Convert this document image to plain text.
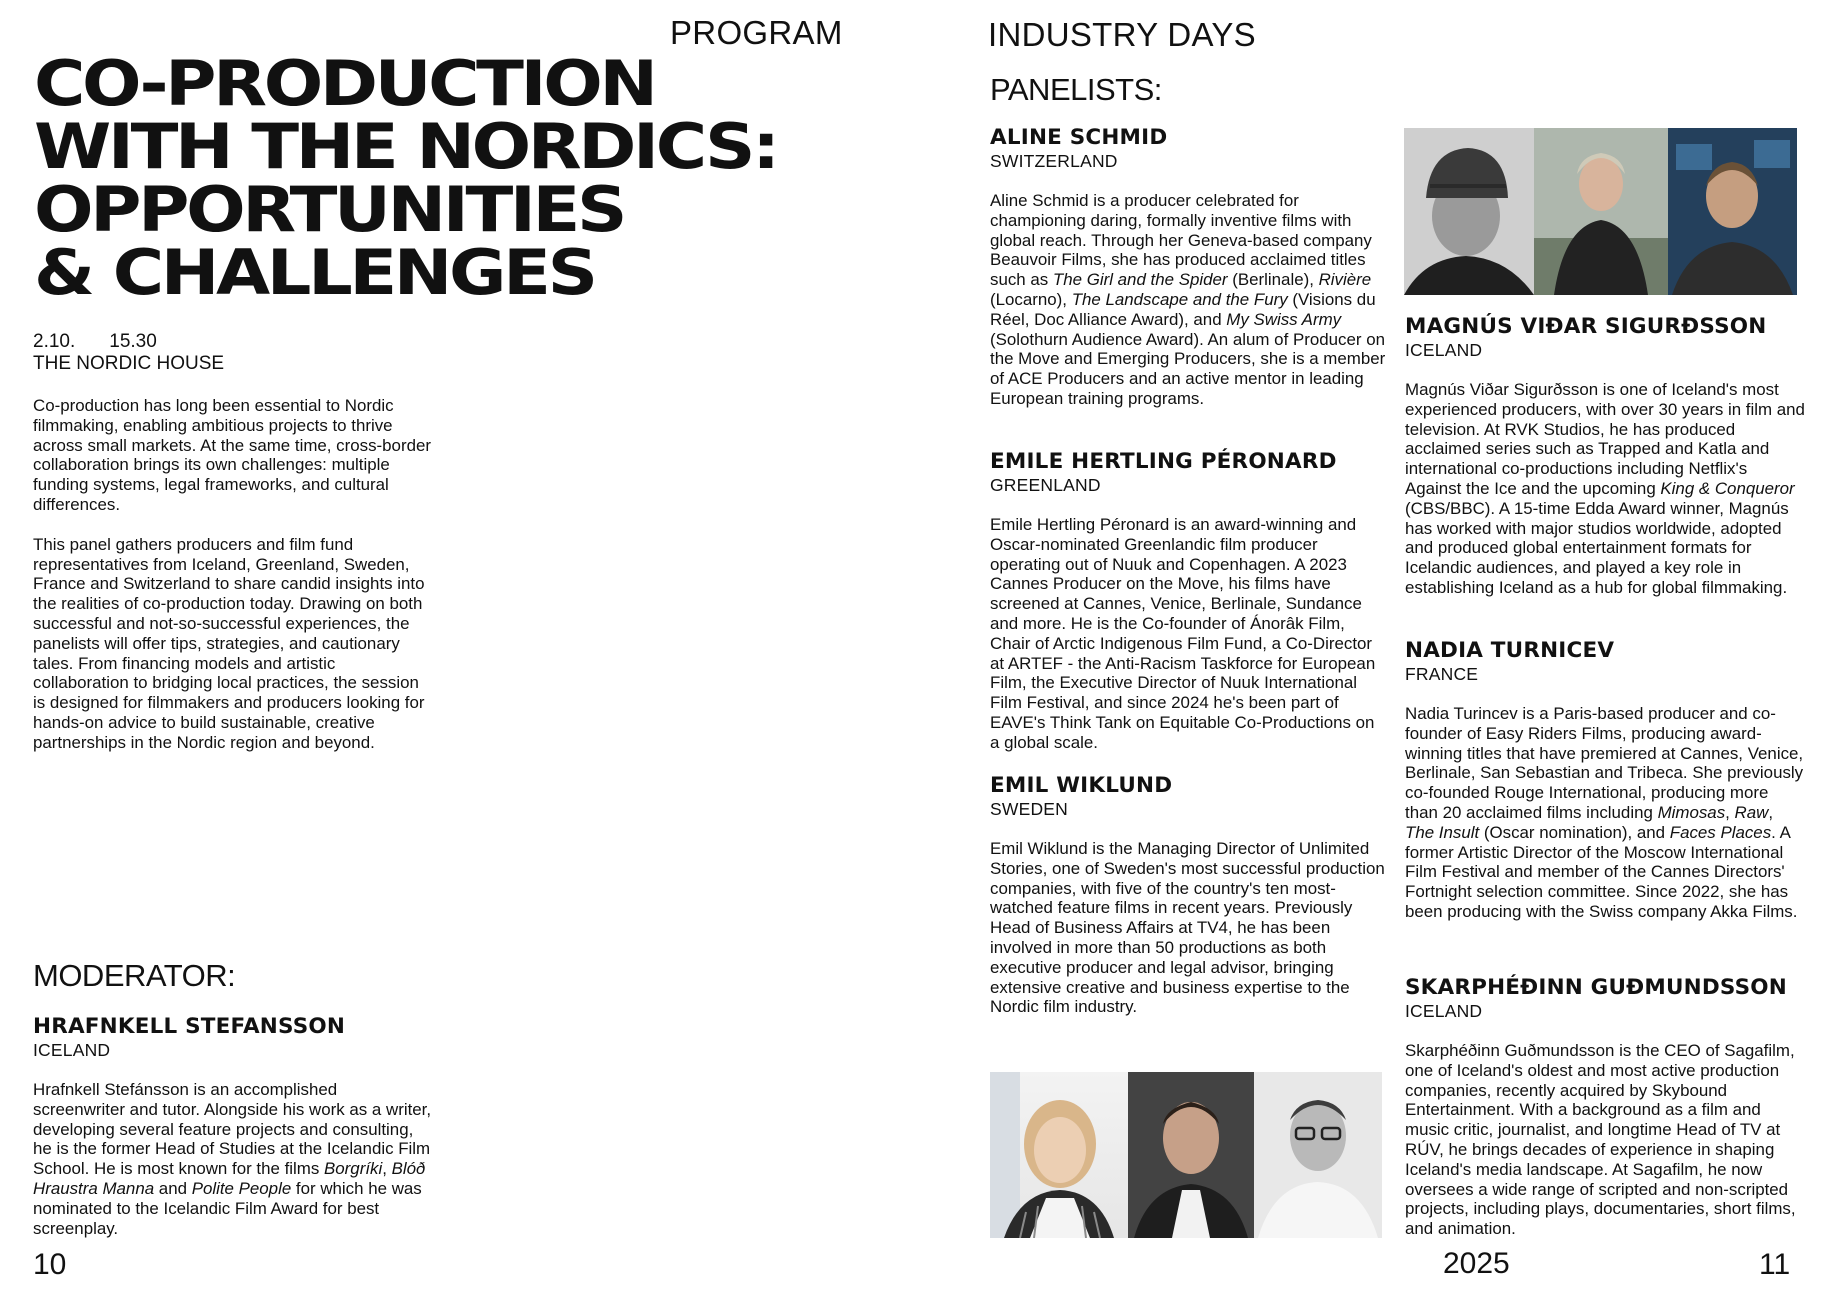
PROGRAM
CO-PRODUCTION
WITH THE NORDICS:
OPPORTUNITIES
& CHALLENGES
2.10. 15.30
THE NORDIC HOUSE

Co-production has long been essential to Nordic filmmaking, enabling ambitious projects to thrive across small markets. At the same time, cross-border collaboration brings its own challenges: multiple funding systems, legal frameworks, and cultural differences.

This panel gathers producers and film fund representatives from Iceland, Greenland, Sweden, France and Switzerland to share candid insights into the realities of co-production today. Drawing on both successful and not-so-successful experiences, the panelists will offer tips, strategies, and cautionary tales. From financing models and artistic collaboration to bridging local practices, the session is designed for filmmakers and producers looking for hands-on advice to build sustainable, creative partnerships in the Nordic region and beyond.

MODERATOR:
HRAFNKELL STEFANSSON
ICELAND

Hrafnkell Stefánsson is an accomplished screenwriter and tutor. Alongside his work as a writer, developing several feature projects and consulting, he is the former Head of Studies at the Icelandic Film School. He is most known for the films Borgríki, Blóð Hraustra Manna and Polite People for which he was nominated to the Icelandic Film Award for best screenplay.

10
INDUSTRY DAYS
PANELISTS:
ALINE SCHMID
SWITZERLAND

Aline Schmid is a producer celebrated for championing daring, formally inventive films with global reach. Through her Geneva-based company Beauvoir Films, she has produced acclaimed titles such as The Girl and the Spider (Berlinale), Rivière (Locarno), The Landscape and the Fury (Visions du Réel, Doc Alliance Award), and My Swiss Army (Solothurn Audience Award). An alum of Producer on the Move and Emerging Producers, she is a member of ACE Producers and an active mentor in leading European training programs.

EMILE HERTLING PÉRONARD
GREENLAND

Emile Hertling Péronard is an award-winning and Oscar-nominated Greenlandic film producer operating out of Nuuk and Copenhagen. A 2023 Cannes Producer on the Move, his films have screened at Cannes, Venice, Berlinale, Sundance and more. He is the Co-founder of Ánorâk Film, Chair of Arctic Indigenous Film Fund, a Co-Director at ARTEF - the Anti-Racism Taskforce for European Film, the Executive Director of Nuuk International Film Festival, and since 2024 he's been part of EAVE's Think Tank on Equitable Co-Productions on a global scale.

EMIL WIKLUND
SWEDEN

Emil Wiklund is the Managing Director of Unlimited Stories, one of Sweden's most successful production companies, with five of the country's ten most-watched feature films in recent years. Previously Head of Business Affairs at TV4, he has been involved in more than 50 productions as both executive producer and legal advisor, bringing extensive creative and business expertise to the Nordic film industry.

MAGNÚS VIÐAR SIGURÐSSON
ICELAND

Magnús Viðar Sigurðsson is one of Iceland's most experienced producers, with over 30 years in film and television. At RVK Studios, he has produced acclaimed series such as Trapped and Katla and international co-productions including Netflix's Against the Ice and the upcoming King & Conqueror (CBS/BBC). A 15-time Edda Award winner, Magnús has worked with major studios worldwide, adopted and produced global entertainment formats for Icelandic audiences, and played a key role in establishing Iceland as a hub for global filmmaking.

NADIA TURNICEV
FRANCE

Nadia Turincev is a Paris-based producer and co-founder of Easy Riders Films, producing award-winning titles that have premiered at Cannes, Venice, Berlinale, San Sebastian and Tribeca. She previously co-founded Rouge International, producing more than 20 acclaimed films including Mimosas, Raw, The Insult (Oscar nomination), and Faces Places. A former Artistic Director of the Moscow International Film Festival and member of the Cannes Directors' Fortnight selection committee. Since 2022, she has been producing with the Swiss company Akka Films.

SKARPHÉÐINN GUÐMUNDSSON
ICELAND

Skarphéðinn Guðmundsson is the CEO of Sagafilm, one of Iceland's oldest and most active production companies, recently acquired by Skybound Entertainment. With a background as a film and music critic, journalist, and longtime Head of TV at RÚV, he brings decades of experience in shaping Iceland's media landscape. At Sagafilm, he now oversees a wide range of scripted and non-scripted projects, including plays, documentaries, short films, and animation.

2025	11
